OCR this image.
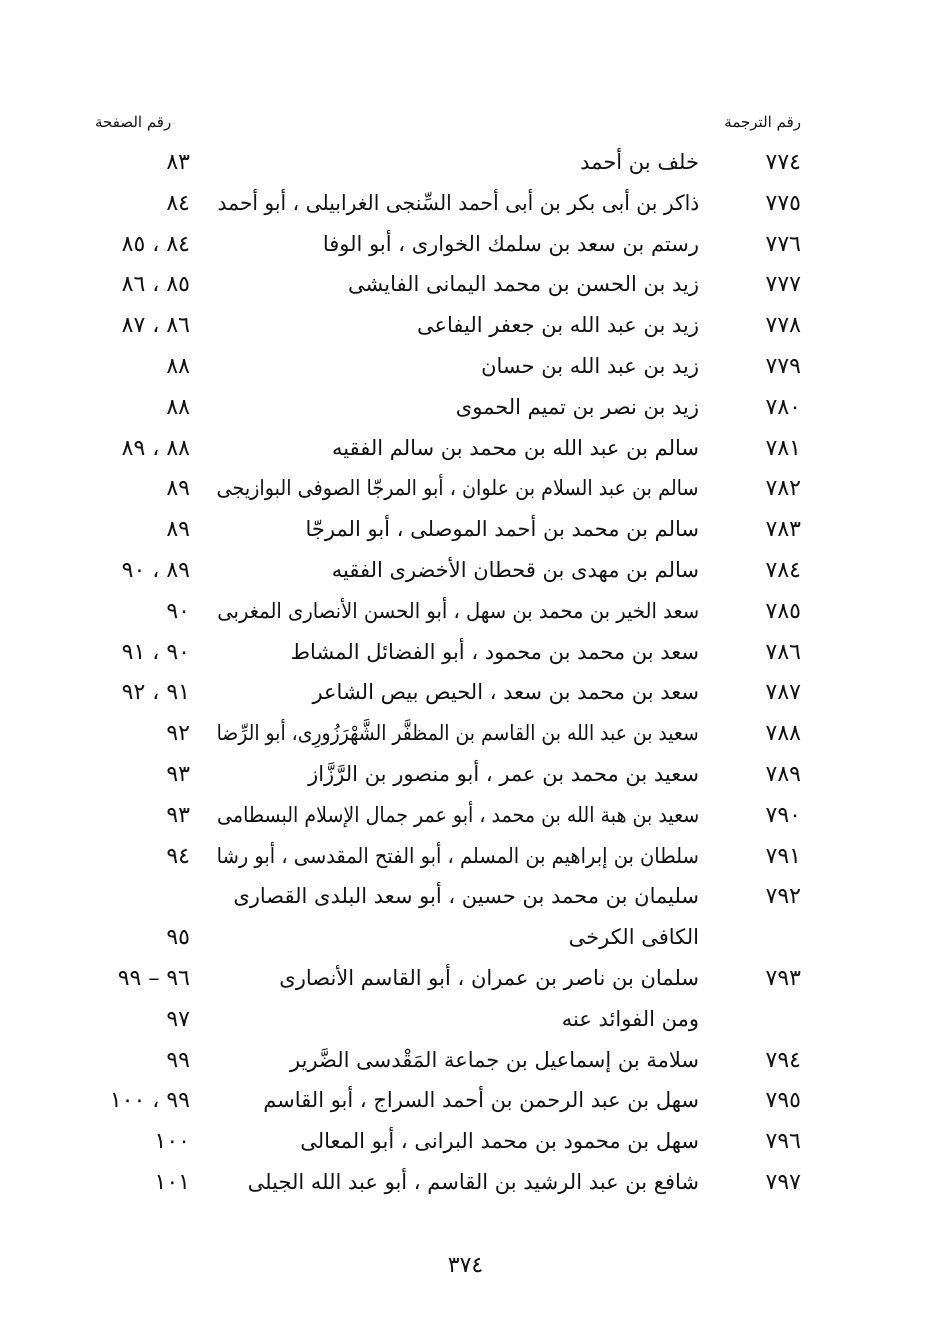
رقم الترجمة
رقم الصفحة
٧٧٤
خلف بن أحمد
٨٣
٧٧٥
ذاكر بن أبى بكر بن أبى أحمد السِّنجى الغرابيلى ، أبو أحمد
٨٤
٧٧٦
رستم بن سعد بن سلمك الخوارى ، أبو الوفا
٨٤ ، ٨٥
٧٧٧
زيد بن الحسن بن محمد اليمانى الفايشى
٨٥ ، ٨٦
٧٧٨
زيد بن عبد الله بن جعفر اليفاعى
٨٦ ، ٨٧
٧٧٩
زيد بن عبد الله بن حسان
٨٨
٧٨٠
زيد بن نصر بن تميم الحموى
٨٨
٧٨١
سالم بن عبد الله بن محمد بن سالم الفقيه
٨٨ ، ٨٩
٧٨٢
سالم بن عبد السلام بن علوان ، أبو المرجّا الصوفى البوازيجى
٨٩
٧٨٣
سالم بن محمد بن أحمد الموصلى ، أبو المرجّا
٨٩
٧٨٤
سالم بن مهدى بن قحطان الأخضرى الفقيه
٨٩ ، ٩٠
٧٨٥
سعد الخير بن محمد بن سهل ، أبو الحسن الأنصارى المغربى
٩٠
٧٨٦
سعد بن محمد بن محمود ، أبو الفضائل المشاط
٩٠ ، ٩١
٧٨٧
سعد بن محمد بن سعد ، الحيص بيص الشاعر
٩١ ، ٩٢
٧٨٨
سعيد بن عبد الله بن القاسم بن المظفَّر الشَّهْرَزُورِى، أبو الرِّضا
٩٢
٧٨٩
سعيد بن محمد بن عمر ، أبو منصور بن الرَّزَّاز
٩٣
٧٩٠
سعيد بن هبة الله بن محمد ، أبو عمر جمال الإسلام البسطامى
٩٣
٧٩١
سلطان بن إبراهيم بن المسلم ، أبو الفتح المقدسى ، أبو رشا
٩٤
٧٩٢
سليمان بن محمد بن حسين ، أبو سعد البلدى القصارى
الكافى الكرخى
٩٥
٧٩٣
سلمان بن ناصر بن عمران ، أبو القاسم الأنصارى
٩٦ – ٩٩
ومن الفوائد عنه
٩٧
٧٩٤
سلامة بن إسماعيل بن جماعة المَقْدسى الضَّرير
٩٩
٧٩٥
سهل بن عبد الرحمن بن أحمد السراج ، أبو القاسم
٩٩ ، ١٠٠
٧٩٦
سهل بن محمود بن محمد البرانى ، أبو المعالى
١٠٠
٧٩٧
شافع بن عبد الرشيد بن القاسم ، أبو عبد الله الجيلى
١٠١
٣٧٤
